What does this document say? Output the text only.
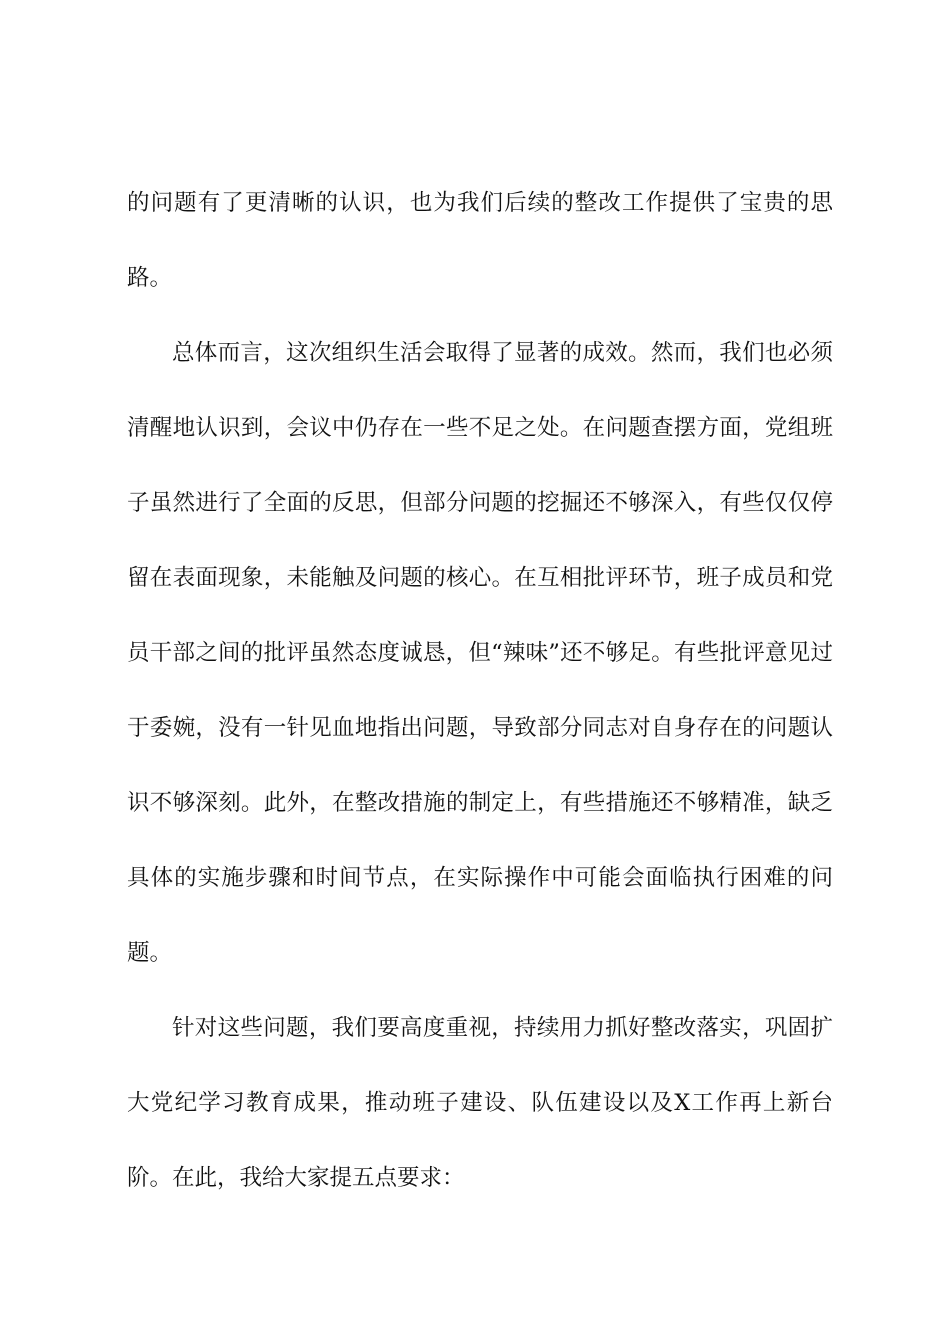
的问题有了更清晰的认识，也为我们后续的整改工作提供了宝贵的思路。

总体而言，这次组织生活会取得了显著的成效。然而，我们也必须清醒地认识到，会议中仍存在一些不足之处。在问题查摆方面，党组班子虽然进行了全面的反思，但部分问题的挖掘还不够深入，有些仅仅停留在表面现象，未能触及问题的核心。在互相批评环节，班子成员和党员干部之间的批评虽然态度诚恳，但“辣味”还不够足。有些批评意见过于委婉，没有一针见血地指出问题，导致部分同志对自身存在的问题认识不够深刻。此外，在整改措施的制定上，有些措施还不够精准，缺乏具体的实施步骤和时间节点，在实际操作中可能会面临执行困难的问题。

针对这些问题，我们要高度重视，持续用力抓好整改落实，巩固扩大党纪学习教育成果，推动班子建设、队伍建设以及X工作再上新台阶。在此，我给大家提五点要求：
